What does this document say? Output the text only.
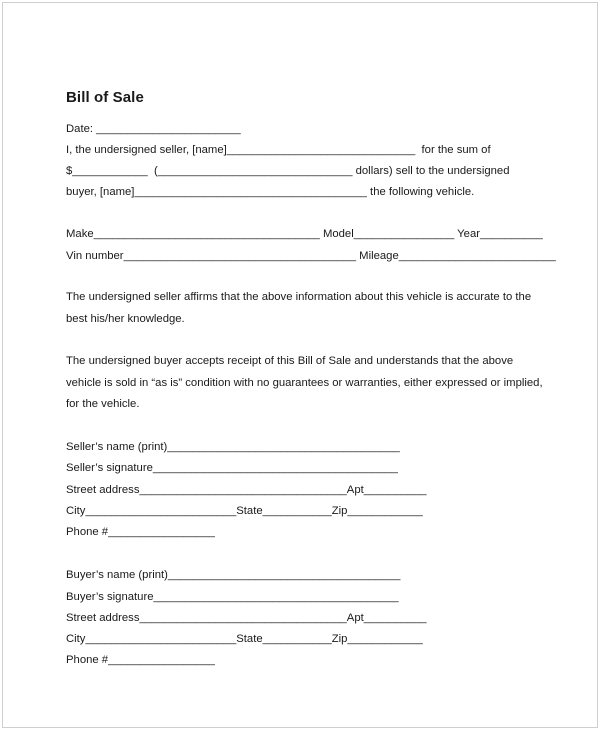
Bill of Sale
Date: _______________________
I, the undersigned seller, [name]______________________________  for the sum of
$____________  (_______________________________ dollars) sell to the undersigned
buyer, [name]_____________________________________ the following vehicle.
Make____________________________________ Model________________ Year__________
Vin number_____________________________________ Mileage_________________________
The undersigned seller affirms that the above information about this vehicle is accurate to the best his/her knowledge.
The undersigned buyer accepts receipt of this Bill of Sale and understands that the above vehicle is sold in “as is” condition with no guarantees or warranties, either expressed or implied, for the vehicle.
Seller’s name (print)_____________________________________
Seller’s signature_______________________________________
Street address_________________________________Apt__________
City________________________State___________Zip____________
Phone #_________________
Buyer’s name (print)_____________________________________
Buyer’s signature_______________________________________
Street address_________________________________Apt__________
City________________________State___________Zip____________
Phone #_________________
